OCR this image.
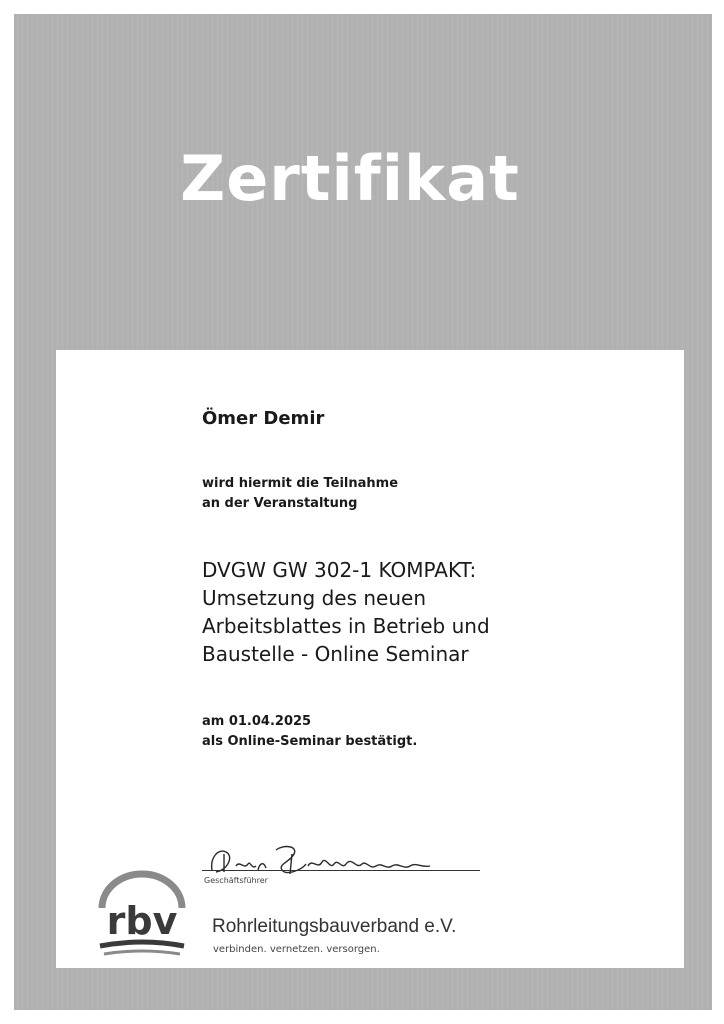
Zertifikat

Ömer Demir

wird hiermit die Teilnahme

an der Veranstaltung

DVGW GW 302-1 KOMPAKT:
Umsetzung des neuen
Arbeitsblattes in Betrieb und
Baustelle - Online Seminar

am 01.04.2025

als Online-Seminar bestätigt.

Geschäftsführer

rbv Rohrleitungsbauverband e.V.

verbinden. vernetzen. versorgen.
